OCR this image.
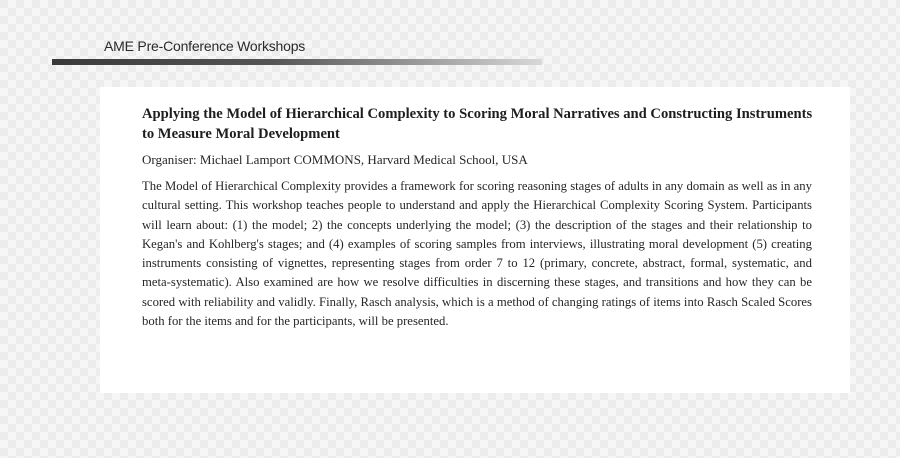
AME Pre-Conference Workshops
Applying the Model of Hierarchical Complexity to Scoring Moral Narratives and Constructing Instruments to Measure Moral Development

Organiser: Michael Lamport COMMONS, Harvard Medical School, USA

The Model of Hierarchical Complexity provides a framework for scoring reasoning stages of adults in any domain as well as in any cultural setting. This workshop teaches people to understand and apply the Hierarchical Complexity Scoring System. Participants will learn about: (1) the model; 2) the concepts underlying the model; (3) the description of the stages and their relationship to Kegan's and Kohlberg's stages; and (4) examples of scoring samples from interviews, illustrating moral development (5) creating instruments consisting of vignettes, representing stages from order 7 to 12 (primary, concrete, abstract, formal, systematic, and meta-systematic). Also examined are how we resolve difficulties in discerning these stages, and transitions and how they can be scored with reliability and validly. Finally, Rasch analysis, which is a method of changing ratings of items into Rasch Scaled Scores both for the items and for the participants, will be presented.
